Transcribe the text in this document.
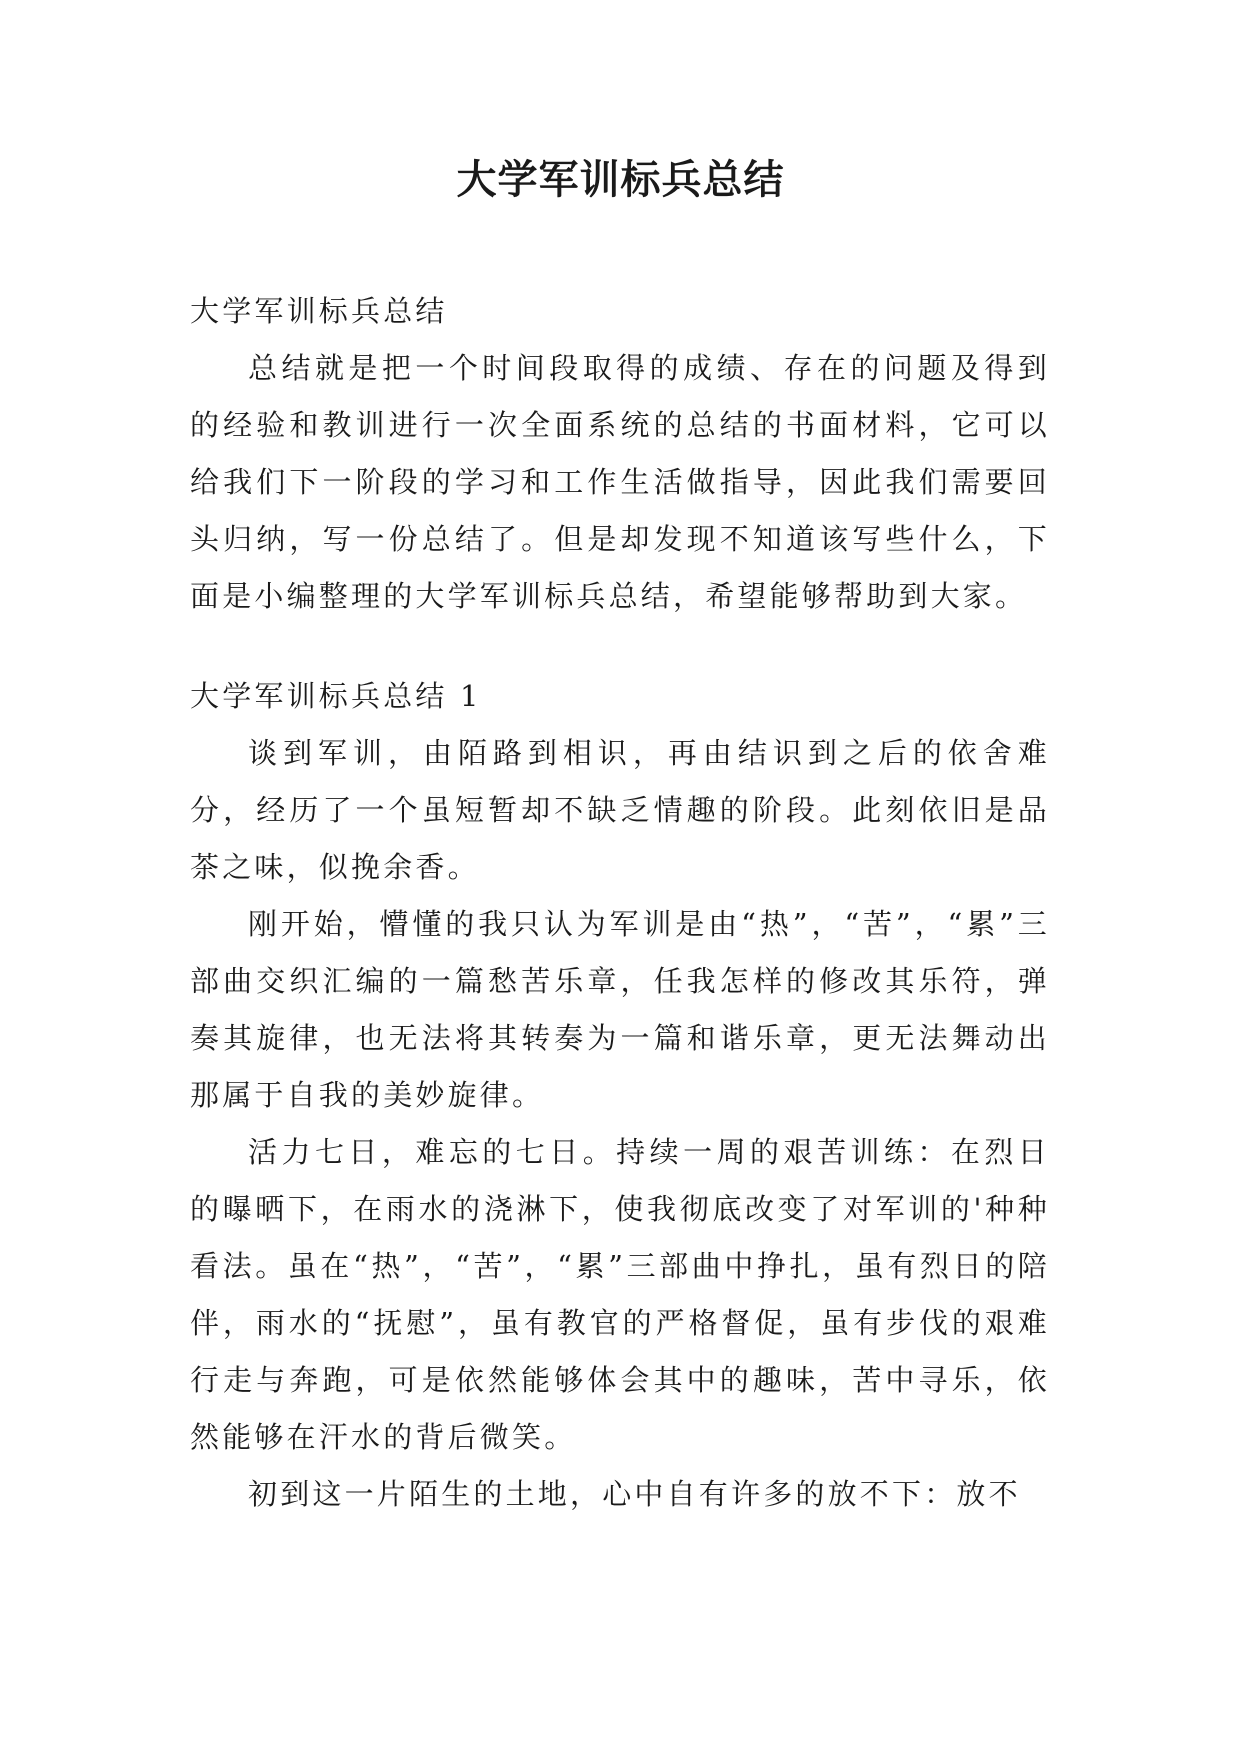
大学军训标兵总结

大学军训标兵总结

总结就是把一个时间段取得的成绩、存在的问题及得到的经验和教训进行一次全面系统的总结的书面材料，它可以给我们下一阶段的学习和工作生活做指导，因此我们需要回头归纳，写一份总结了。但是却发现不知道该写些什么，下面是小编整理的大学军训标兵总结，希望能够帮助到大家。

大学军训标兵总结 1

谈到军训，由陌路到相识，再由结识到之后的依舍难分，经历了一个虽短暂却不缺乏情趣的阶段。此刻依旧是品茶之味，似挽余香。

刚开始，懵懂的我只认为军训是由“热”，“苦”，“累”三部曲交织汇编的一篇愁苦乐章，任我怎样的修改其乐符，弹奏其旋律，也无法将其转奏为一篇和谐乐章，更无法舞动出那属于自我的美妙旋律。

活力七日，难忘的七日。持续一周的艰苦训练：在烈日的曝晒下，在雨水的浇淋下，使我彻底改变了对军训的'种种看法。虽在“热”，“苦”，“累”三部曲中挣扎，虽有烈日的陪伴，雨水的“抚慰”，虽有教官的严格督促，虽有步伐的艰难行走与奔跑，可是依然能够体会其中的趣味，苦中寻乐，依然能够在汗水的背后微笑。

初到这一片陌生的土地，心中自有许多的放不下：放不
